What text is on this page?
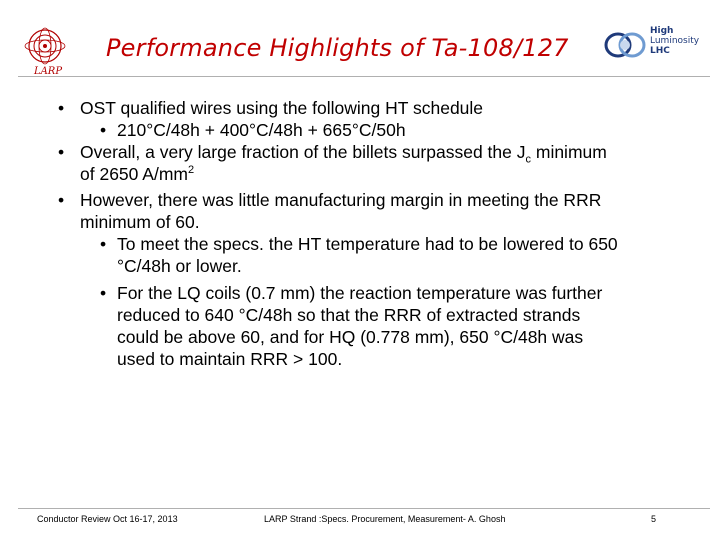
LARP
Performance Highlights of Ta-108/127
High
Luminosity
LHC
• OST qualified wires using the following HT schedule
• 210°C/48h + 400°C/48h + 665°C/50h
• Overall, a very large fraction of the billets surpassed the $J_c$ minimum of 2650 $A/mm^2$
• However, there was little manufacturing margin in meeting the RRR minimum of 60.
• To meet the specs. the HT temperature had to be lowered to 650 °C/48h or lower.
• For the LQ coils (0.7 mm) the reaction temperature was further reduced to 640 °C/48h so that the RRR of extracted strands could be above 60, and for HQ (0.778 mm), 650 °C/48h was used to maintain RRR > 100.
Conductor Review Oct 16-17, 2013	LARP Strand :Specs. Procurement, Measurement- A. Ghosh	5
